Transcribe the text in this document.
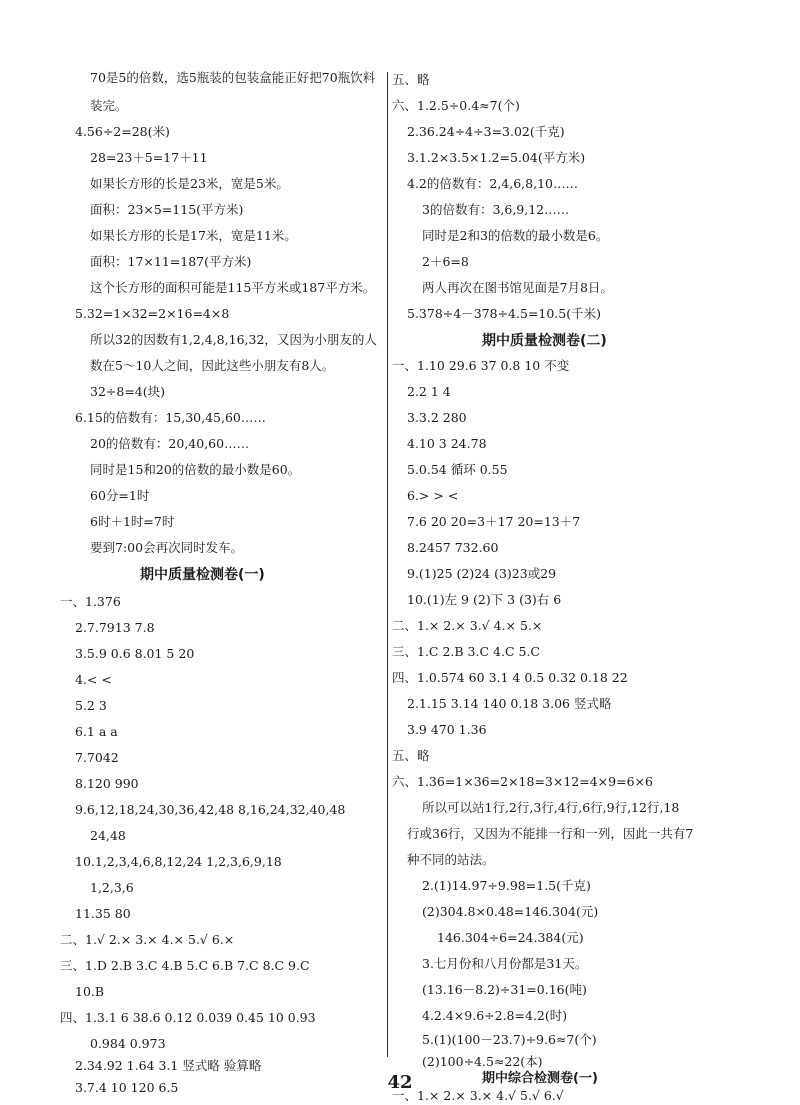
70是5的倍数，选5瓶装的包装盒能正好把70瓶饮料
装完。
4.56÷2=28(米)
28=23＋5=17＋11
如果长方形的长是23米，宽是5米。
面积：23×5=115(平方米)
如果长方形的长是17米，宽是11米。
面积：17×11=187(平方米)
这个长方形的面积可能是115平方米或187平方米。
5.32=1×32=2×16=4×8
所以32的因数有1,2,4,8,16,32，又因为小朋友的人
数在5～10人之间，因此这些小朋友有8人。
32÷8=4(块)
6.15的倍数有：15,30,45,60……
20的倍数有：20,40,60……
同时是15和20的倍数的最小数是60。
60分=1时
6时＋1时=7时
要到7:00会再次同时发车。
期中质量检测卷(一)
一、1.376
2.7.7913 7.8
3.5.9 0.6 8.01 5 20
4.< <
5.2 3
6.1 a a
7.7042
8.120 990
9.6,12,18,24,30,36,42,48 8,16,24,32,40,48
24,48
10.1,2,3,4,6,8,12,24 1,2,3,6,9,18
1,2,3,6
11.35 80
二、1.√ 2.× 3.× 4.× 5.√ 6.×
三、1.D 2.B 3.C 4.B 5.C 6.B 7.C 8.C 9.C
10.B
四、1.3.1 6 38.6 0.12 0.039 0.45 10 0.93
0.984 0.973
2.34.92 1.64 3.1 竖式略 验算略
3.7.4 10 120 6.5
五、略
六、1.2.5÷0.4≈7(个)
2.36.24÷4÷3=3.02(千克)
3.1.2×3.5×1.2=5.04(平方米)
4.2的倍数有：2,4,6,8,10……
3的倍数有：3,6,9,12……
同时是2和3的倍数的最小数是6。
2＋6=8
两人再次在图书馆见面是7月8日。
5.378÷4－378÷4.5=10.5(千米)
期中质量检测卷(二)
一、1.10 29.6 37 0.8 10 不变
2.2 1 4
3.3.2 280
4.10 3 24.78
5.0.54 循环 0.55
6.> > <
7.6 20 20=3＋17 20=13＋7
8.2457 732.60
9.(1)25 (2)24 (3)23或29
10.(1)左 9 (2)下 3 (3)右 6
二、1.× 2.× 3.√ 4.× 5.×
三、1.C 2.B 3.C 4.C 5.C
四、1.0.574 60 3.1 4 0.5 0.32 0.18 22
2.1.15 3.14 140 0.18 3.06 竖式略
3.9 470 1.36
五、略
六、1.36=1×36=2×18=3×12=4×9=6×6
所以可以站1行,2行,3行,4行,6行,9行,12行,18
行或36行，又因为不能排一行和一列，因此一共有7
种不同的站法。
2.(1)14.97÷9.98=1.5(千克)
(2)304.8×0.48=146.304(元)
146.304÷6=24.384(元)
3.七月份和八月份都是31天。
(13.16－8.2)÷31=0.16(吨)
4.2.4×9.6÷2.8=4.2(时)
5.(1)(100－23.7)÷9.6≈7(个)
(2)100÷4.5≈22(本)
期中综合检测卷(一)
一、1.× 2.× 3.× 4.√ 5.√ 6.√
42
